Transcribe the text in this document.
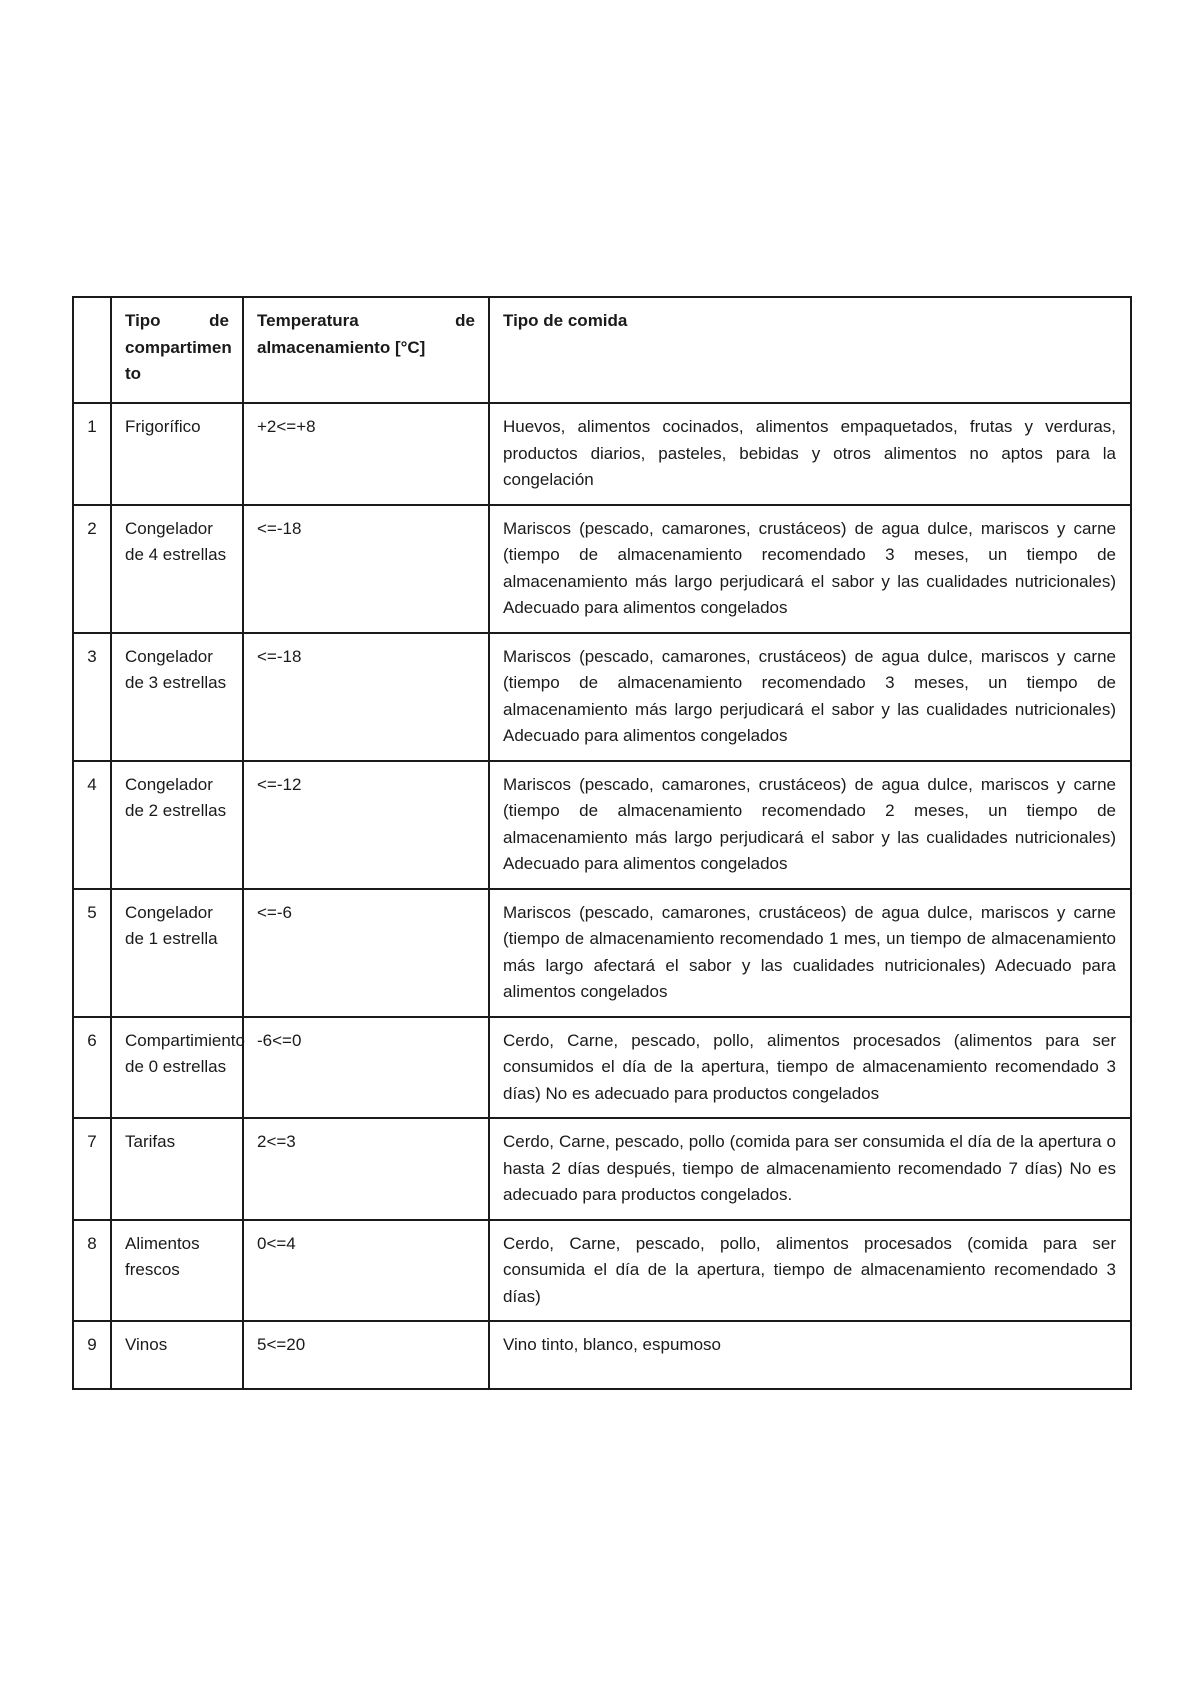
	Tipo de compartimen to	Temperatura de almacenamiento [°C]	Tipo de comida
1	Frigorífico	+2<=+8	Huevos, alimentos cocinados, alimentos empaquetados, frutas y verduras, productos diarios, pasteles, bebidas y otros alimentos no aptos para la congelación
2	Congelador de 4 estrellas	<=-18	Mariscos (pescado, camarones, crustáceos) de agua dulce, mariscos y carne (tiempo de almacenamiento recomendado 3 meses, un tiempo de almacenamiento más largo perjudicará el sabor y las cualidades nutricionales) Adecuado para alimentos congelados
3	Congelador de 3 estrellas	<=-18	Mariscos (pescado, camarones, crustáceos) de agua dulce, mariscos y carne (tiempo de almacenamiento recomendado 3 meses, un tiempo de almacenamiento más largo perjudicará el sabor y las cualidades nutricionales) Adecuado para alimentos congelados
4	Congelador de 2 estrellas	<=-12	Mariscos (pescado, camarones, crustáceos) de agua dulce, mariscos y carne (tiempo de almacenamiento recomendado 2 meses, un tiempo de almacenamiento más largo perjudicará el sabor y las cualidades nutricionales) Adecuado para alimentos congelados
5	Congelador de 1 estrella	<=-6	Mariscos (pescado, camarones, crustáceos) de agua dulce, mariscos y carne (tiempo de almacenamiento recomendado 1 mes, un tiempo de almacenamiento más largo afectará el sabor y las cualidades nutricionales) Adecuado para alimentos congelados
6	Compartimiento de 0 estrellas	-6<=0	Cerdo, Carne, pescado, pollo, alimentos procesados (alimentos para ser consumidos el día de la apertura, tiempo de almacenamiento recomendado 3 días) No es adecuado para productos congelados
7	Tarifas	2<=3	Cerdo, Carne, pescado, pollo (comida para ser consumida el día de la apertura o hasta 2 días después, tiempo de almacenamiento recomendado 7 días) No es adecuado para productos congelados.
8	Alimentos frescos	0<=4	Cerdo, Carne, pescado, pollo, alimentos procesados (comida para ser consumida el día de la apertura, tiempo de almacenamiento recomendado 3 días)
9	Vinos	5<=20	Vino tinto, blanco, espumoso
